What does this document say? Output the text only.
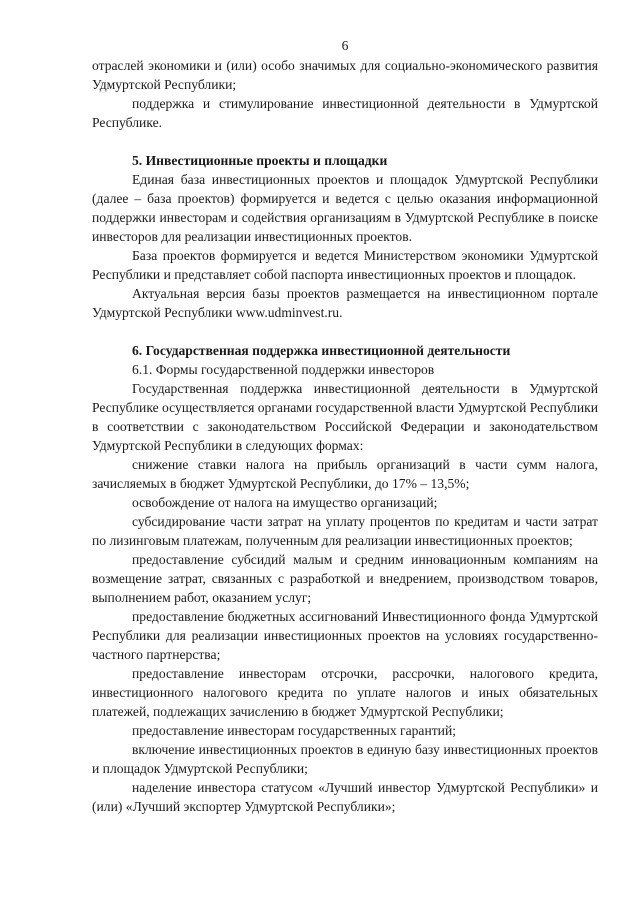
6

отраслей экономики и (или) особо значимых для социально-экономического развития Удмуртской Республики;

поддержка и стимулирование инвестиционной деятельности в Удмуртской Республике.

5. Инвестиционные проекты и площадки

Единая база инвестиционных проектов и площадок Удмуртской Республики (далее – база проектов) формируется и ведется с целью оказания информационной поддержки инвесторам и содействия организациям в Удмуртской Республике в поиске инвесторов для реализации инвестиционных проектов.

База проектов формируется и ведется Министерством экономики Удмуртской Республики и представляет собой паспорта инвестиционных проектов и площадок.

Актуальная версия базы проектов размещается на инвестиционном портале Удмуртской Республики www.udminvest.ru.

6. Государственная поддержка инвестиционной деятельности

6.1. Формы государственной поддержки инвесторов

Государственная поддержка инвестиционной деятельности в Удмуртской Республике осуществляется органами государственной власти Удмуртской Республики в соответствии с законодательством Российской Федерации и законодательством Удмуртской Республики в следующих формах:

снижение ставки налога на прибыль организаций в части сумм налога, зачисляемых в бюджет Удмуртской Республики, до 17% – 13,5%;

освобождение от налога на имущество организаций;

субсидирование части затрат на уплату процентов по кредитам и части затрат по лизинговым платежам, полученным для реализации инвестиционных проектов;

предоставление субсидий малым и средним инновационным компаниям на возмещение затрат, связанных с разработкой и внедрением, производством товаров, выполнением работ, оказанием услуг;

предоставление бюджетных ассигнований Инвестиционного фонда Удмуртской Республики для реализации инвестиционных проектов на условиях государственно-частного партнерства;

предоставление инвесторам отсрочки, рассрочки, налогового кредита, инвестиционного налогового кредита по уплате налогов и иных обязательных платежей, подлежащих зачислению в бюджет Удмуртской Республики;

предоставление инвесторам государственных гарантий;

включение инвестиционных проектов в единую базу инвестиционных проектов и площадок Удмуртской Республики;

наделение инвестора статусом «Лучший инвестор Удмуртской Республики» и (или) «Лучший экспортер Удмуртской Республики»;
